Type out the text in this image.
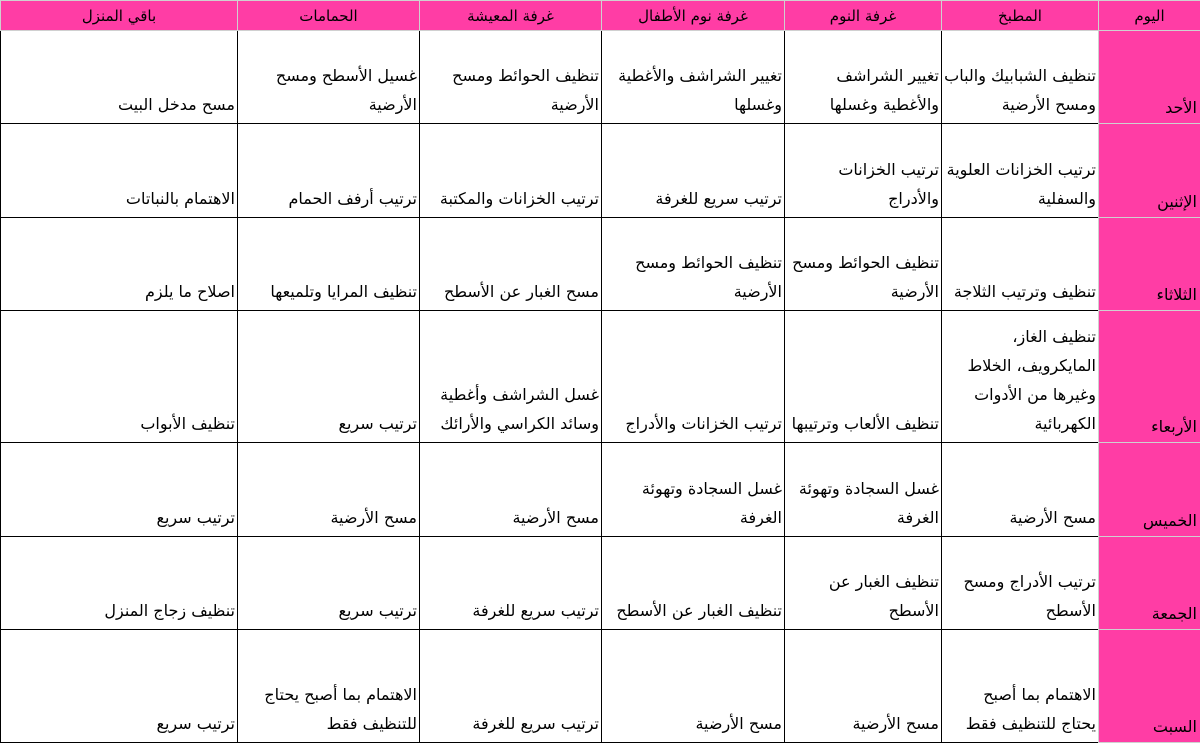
اليوم	المطبخ	غرفة النوم	غرفة نوم الأطفال	غرفة المعيشة	الحمامات	باقي المنزل
الأحد	تنظيف الشبابيك والباب ومسح الأرضية	تغيير الشراشف والأغطية وغسلها	تغيير الشراشف والأغطية وغسلها	تنظيف الحوائط ومسح الأرضية	غسيل الأسطح ومسح الأرضية	مسح مدخل البيت
الإثنين	ترتيب الخزانات العلوية والسفلية	ترتيب الخزانات والأدراج	ترتيب سريع للغرفة	ترتيب الخزانات والمكتبة	ترتيب أرفف الحمام	الاهتمام بالنباتات
الثلاثاء	تنظيف وترتيب الثلاجة	تنظيف الحوائط ومسح الأرضية	تنظيف الحوائط ومسح الأرضية	مسح الغبار عن الأسطح	تنظيف المرايا وتلميعها	اصلاح ما يلزم
الأربعاء	تنظيف الغاز، المايكرويف، الخلاط وغيرها من الأدوات الكهربائية	تنظيف الألعاب وترتيبها	ترتيب الخزانات والأدراج	غسل الشراشف وأغطية وسائد الكراسي والأرائك	ترتيب سريع	تنظيف الأبواب
الخميس	مسح الأرضية	غسل السجادة وتهوئة الغرفة	غسل السجادة وتهوئة الغرفة	مسح الأرضية	مسح الأرضية	ترتيب سريع
الجمعة	ترتيب الأدراج ومسح الأسطح	تنظيف الغبار عن الأسطح	تنظيف الغبار عن الأسطح	ترتيب سريع للغرفة	ترتيب سريع	تنظيف زجاج المنزل
السبت	الاهتمام بما أصبح يحتاج للتنظيف فقط	مسح الأرضية	مسح الأرضية	ترتيب سريع للغرفة	الاهتمام بما أصبح يحتاج للتنظيف فقط	ترتيب سريع
